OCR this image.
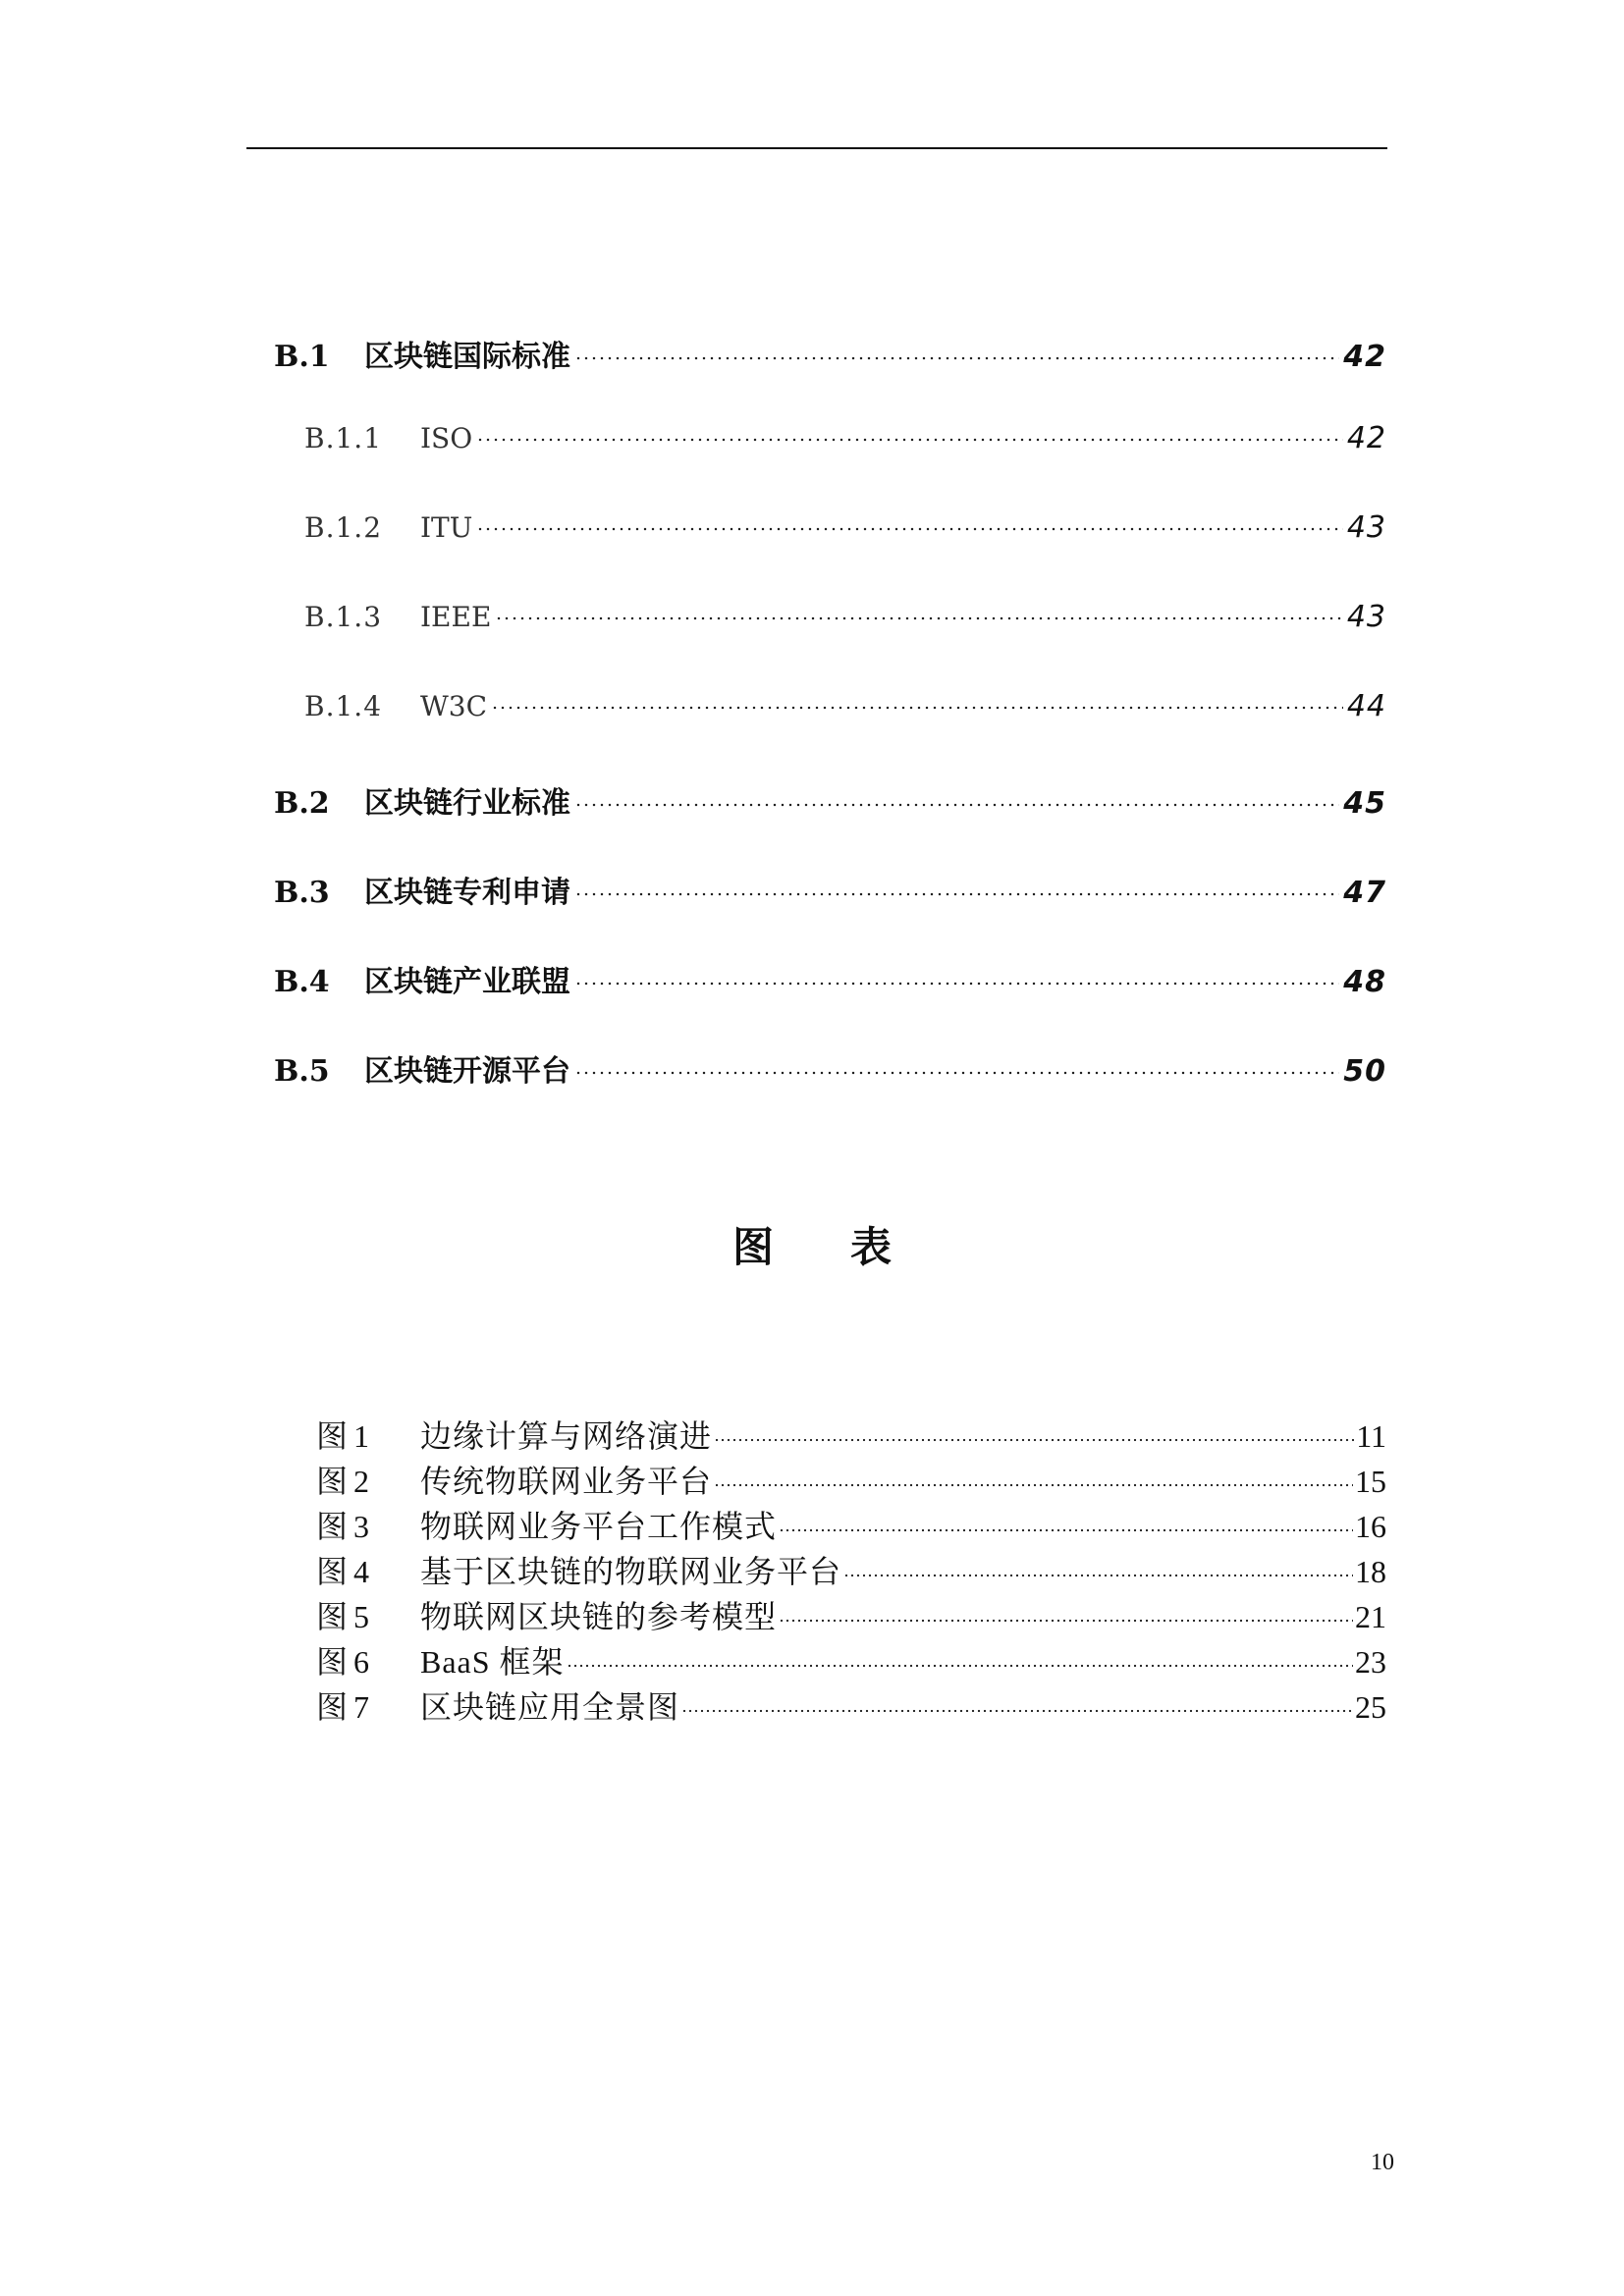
B.1	区块链国际标准	42
B.1.1	ISO	42
B.1.2	ITU	43
B.1.3	IEEE	43
B.1.4	W3C	44
B.2	区块链行业标准	45
B.3	区块链专利申请	47
B.4	区块链产业联盟	48
B.5	区块链开源平台	50
图表
图 1	边缘计算与网络演进	11
图 2	传统物联网业务平台	15
图 3	物联网业务平台工作模式	16
图 4	基于区块链的物联网业务平台	18
图 5	物联网区块链的参考模型	21
图 6	BaaS 框架	23
图 7	区块链应用全景图	25
10
